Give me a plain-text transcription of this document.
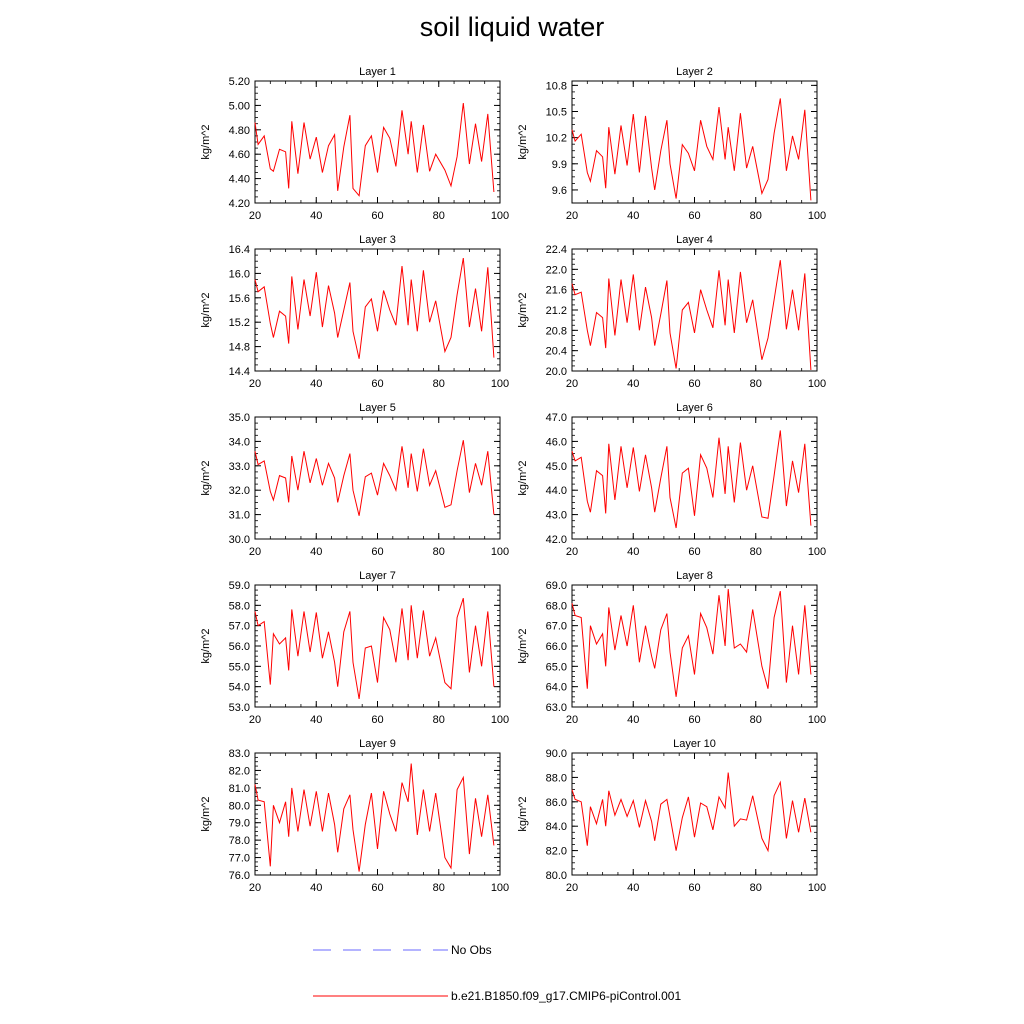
soil liquid water
Layer 1
kg/m^2
20	40	60	80	100
4.20
4.40
4.60
4.80
5.00
5.20
Layer 2
kg/m^2
20	40	60	80	100
9.6
9.9
10.2
10.5
10.8
Layer 3
kg/m^2
20	40	60	80	100
14.4
14.8
15.2
15.6
16.0
16.4
Layer 4
kg/m^2
20	40	60	80	100
20.0
20.4
20.8
21.2
21.6
22.0
22.4
Layer 5
kg/m^2
20	40	60	80	100
30.0
31.0
32.0
33.0
34.0
35.0
Layer 6
kg/m^2
20	40	60	80	100
42.0
43.0
44.0
45.0
46.0
47.0
Layer 7
kg/m^2
20	40	60	80	100
53.0
54.0
55.0
56.0
57.0
58.0
59.0
Layer 8
kg/m^2
20	40	60	80	100
63.0
64.0
65.0
66.0
67.0
68.0
69.0
Layer 9
kg/m^2
20	40	60	80	100
76.0
77.0
78.0
79.0
80.0
81.0
82.0
83.0
Layer 10
kg/m^2
20	40	60	80	100
80.0
82.0
84.0
86.0
88.0
90.0
No Obs
b.e21.B1850.f09_g17.CMIP6-piControl.001
